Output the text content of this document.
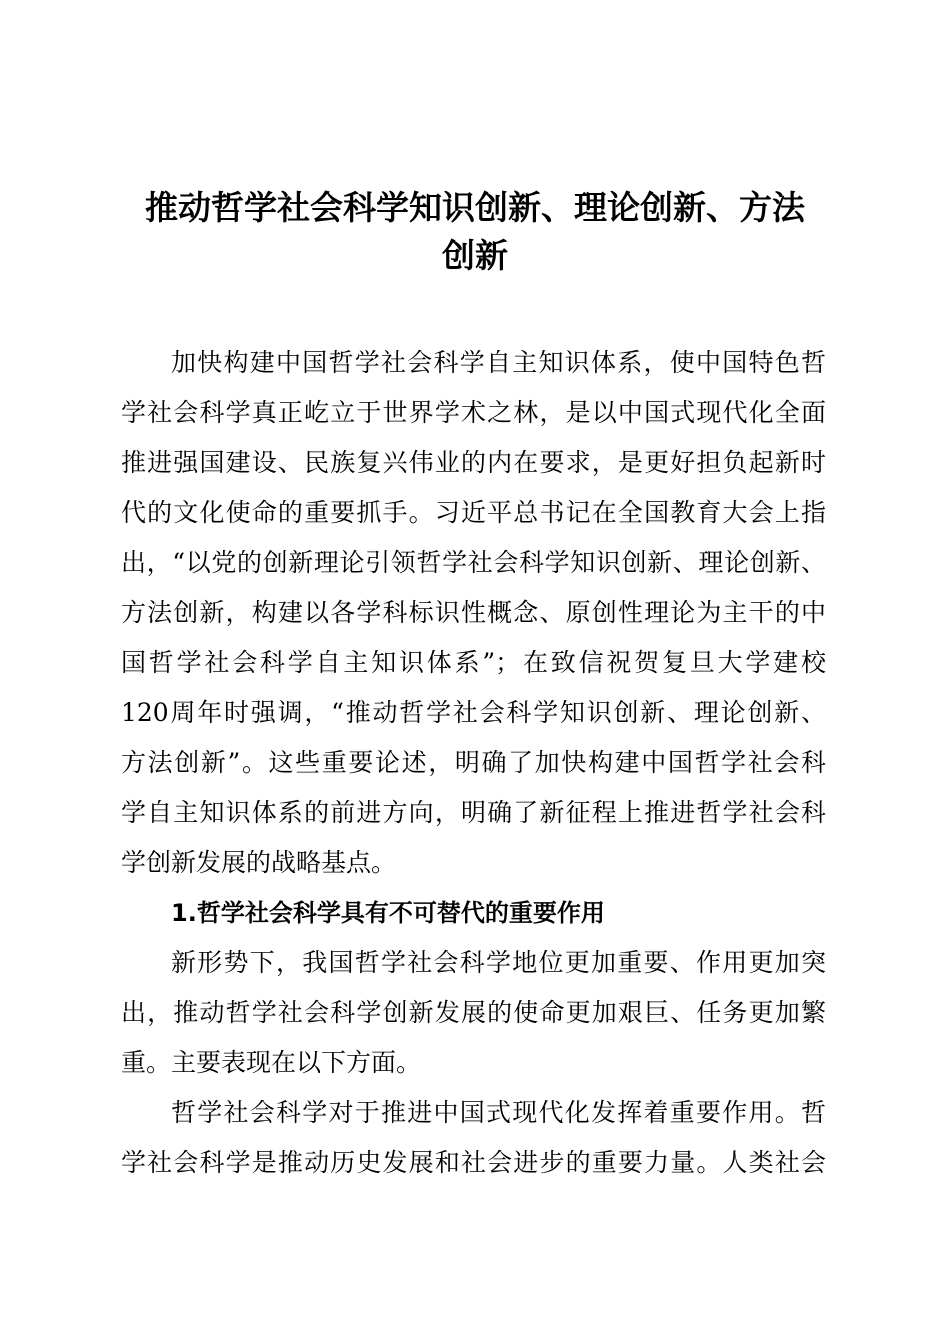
推动哲学社会科学知识创新、理论创新、方法
创新
加快构建中国哲学社会科学自主知识体系，使中国特色哲
学社会科学真正屹立于世界学术之林，是以中国式现代化全面
推进强国建设、民族复兴伟业的内在要求，是更好担负起新时
代的文化使命的重要抓手。习近平总书记在全国教育大会上指
出，“以党的创新理论引领哲学社会科学知识创新、理论创新、
方法创新，构建以各学科标识性概念、原创性理论为主干的中
国哲学社会科学自主知识体系”；在致信祝贺复旦大学建校
120周年时强调，“推动哲学社会科学知识创新、理论创新、
方法创新”。这些重要论述，明确了加快构建中国哲学社会科
学自主知识体系的前进方向，明确了新征程上推进哲学社会科
学创新发展的战略基点。
1.哲学社会科学具有不可替代的重要作用
新形势下，我国哲学社会科学地位更加重要、作用更加突
出，推动哲学社会科学创新发展的使命更加艰巨、任务更加繁
重。主要表现在以下方面。
哲学社会科学对于推进中国式现代化发挥着重要作用。哲
学社会科学是推动历史发展和社会进步的重要力量。人类社会
